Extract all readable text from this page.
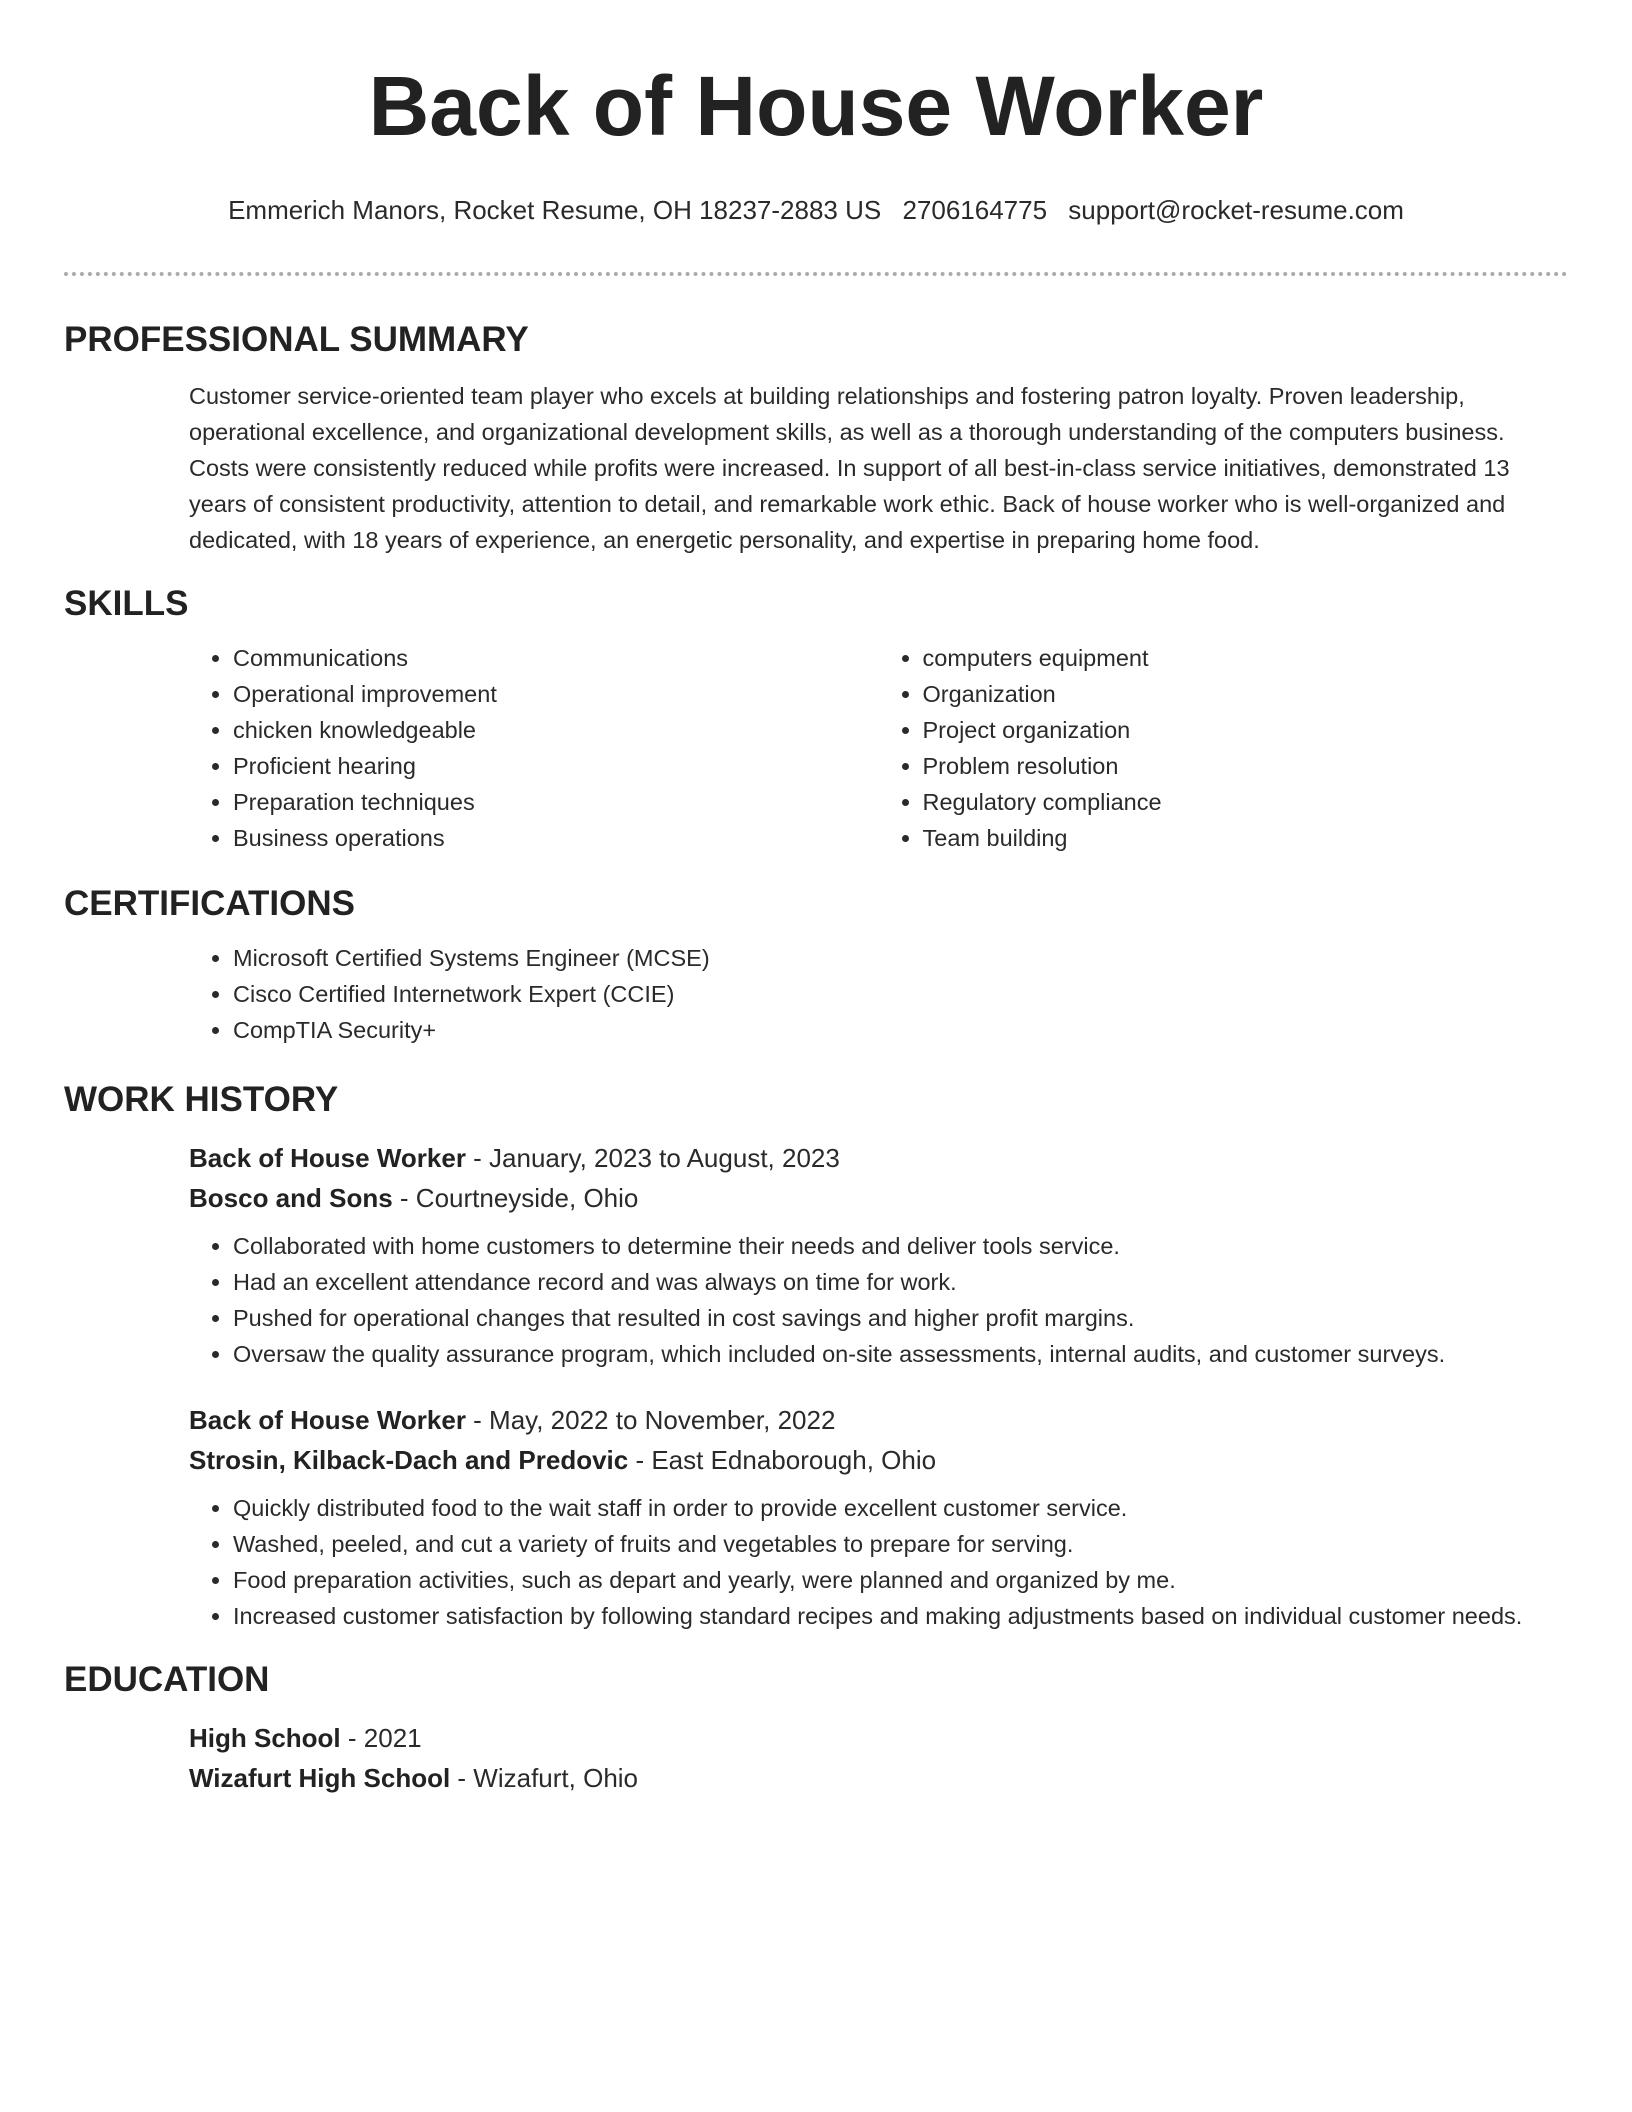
Back of House Worker
Emmerich Manors, Rocket Resume, OH 18237-2883 US 2706164775 support@rocket-resume.com
PROFESSIONAL SUMMARY

Customer service-oriented team player who excels at building relationships and fostering patron loyalty. Proven leadership, operational excellence, and organizational development skills, as well as a thorough understanding of the computers business. Costs were consistently reduced while profits were increased. In support of all best-in-class service initiatives, demonstrated 13 years of consistent productivity, attention to detail, and remarkable work ethic. Back of house worker who is well-organized and dedicated, with 18 years of experience, an energetic personality, and expertise in preparing home food.

SKILLS
• Communications
• Operational improvement
• chicken knowledgeable
• Proficient hearing
• Preparation techniques
• Business operations
• computers equipment
• Organization
• Project organization
• Problem resolution
• Regulatory compliance
• Team building
CERTIFICATIONS
• Microsoft Certified Systems Engineer (MCSE)
• Cisco Certified Internetwork Expert (CCIE)
• CompTIA Security+
WORK HISTORY
Back of House Worker - January, 2023 to August, 2023
Bosco and Sons - Courtneyside, Ohio
• Collaborated with home customers to determine their needs and deliver tools service.
• Had an excellent attendance record and was always on time for work.
• Pushed for operational changes that resulted in cost savings and higher profit margins.
• Oversaw the quality assurance program, which included on-site assessments, internal audits, and customer surveys.
Back of House Worker - May, 2022 to November, 2022
Strosin, Kilback-Dach and Predovic - East Ednaborough, Ohio
• Quickly distributed food to the wait staff in order to provide excellent customer service.
• Washed, peeled, and cut a variety of fruits and vegetables to prepare for serving.
• Food preparation activities, such as depart and yearly, were planned and organized by me.
• Increased customer satisfaction by following standard recipes and making adjustments based on individual customer needs.
EDUCATION
High School - 2021
Wizafurt High School - Wizafurt, Ohio
